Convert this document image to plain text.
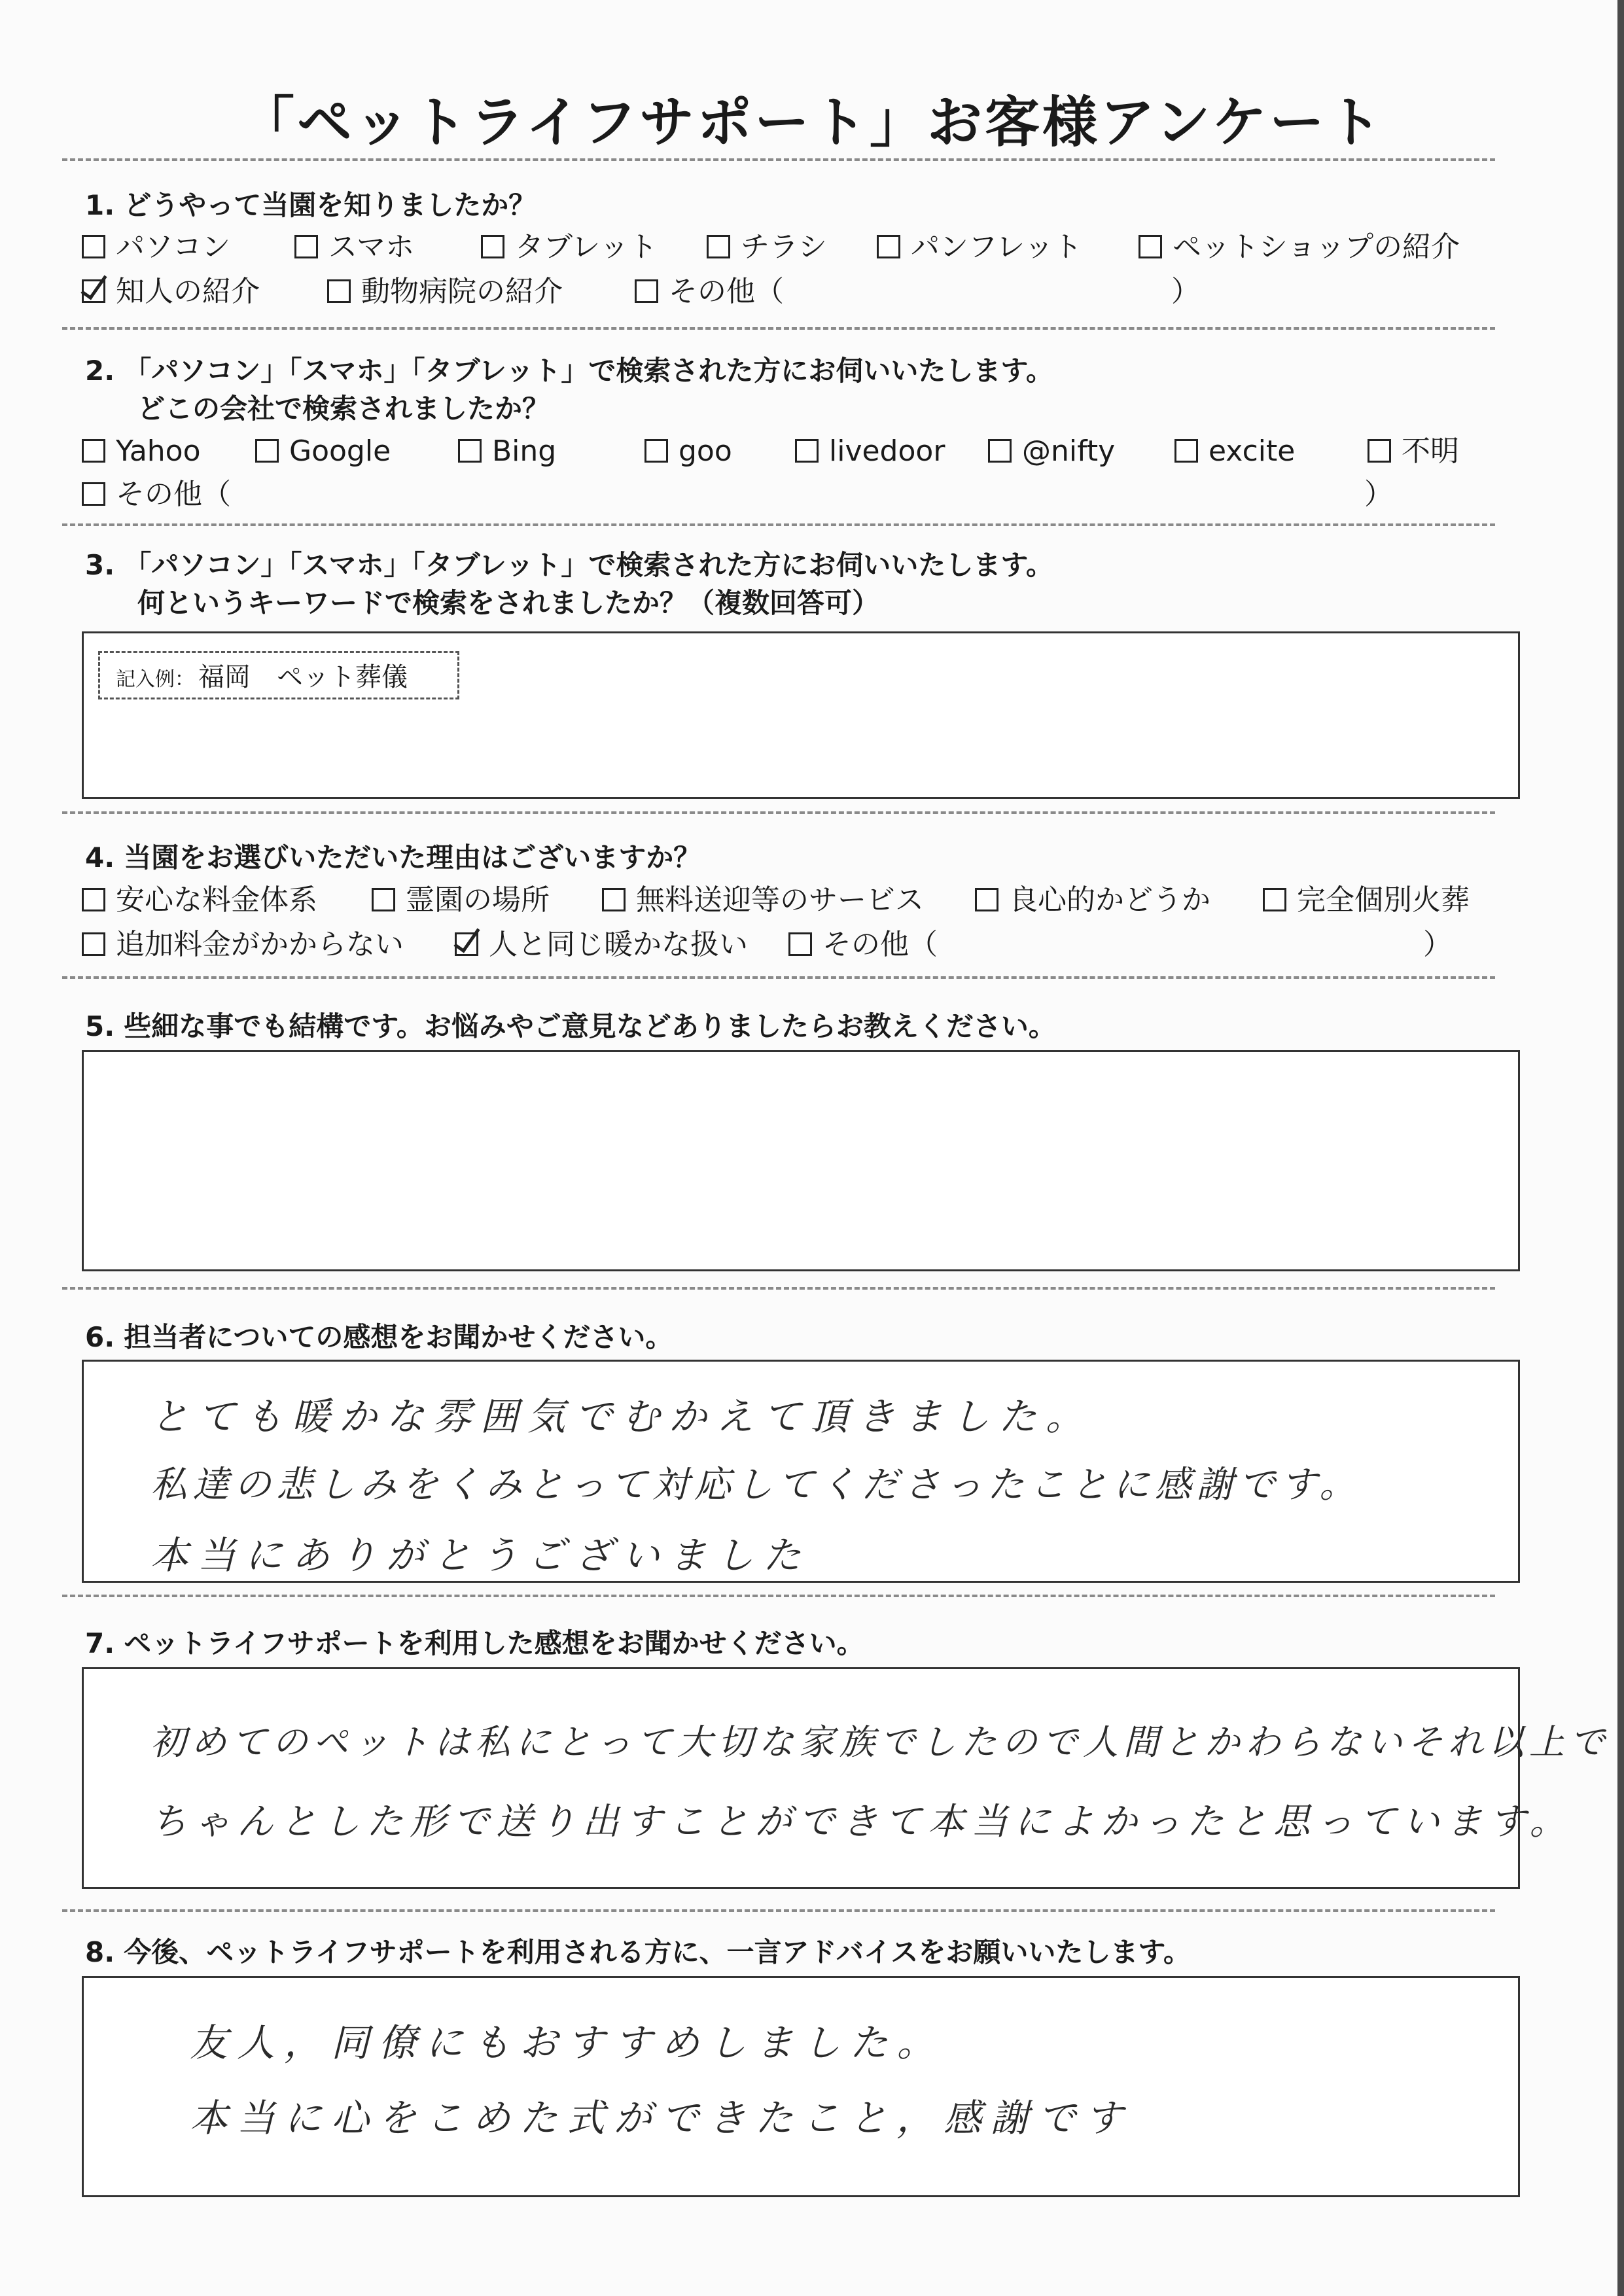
「ペットライフサポート」お客様アンケート
1. どうやって当園を知りましたか？
パソコン	スマホ	タブレット	チラシ	パンフレット	ペットショップの紹介
知人の紹介	動物病院の紹介	その他（	）
2. 「パソコン」「スマホ」「タブレット」で検索された方にお伺いいたします。
どこの会社で検索されましたか？
Yahoo	Google	Bing	goo	livedoor	@nifty	excite	不明
その他（	）
3. 「パソコン」「スマホ」「タブレット」で検索された方にお伺いいたします。
何というキーワードで検索をされましたか？（複数回答可）
記入例： 福岡　ペット葬儀
4. 当園をお選びいただいた理由はございますか？
安心な料金体系	霊園の場所	無料送迎等のサービス	良心的かどうか	完全個別火葬
追加料金がかからない	人と同じ暖かな扱い	その他（	）
5. 些細な事でも結構です。お悩みやご意見などありましたらお教えください。
6. 担当者についての感想をお聞かせください。
とても暖かな雰囲気でむかえて頂きました。
私達の悲しみをくみとって対応してくださったことに感謝です。
本当にありがとうございました
7. ペットライフサポートを利用した感想をお聞かせください。
初めてのペットは私にとって大切な家族でしたので人間とかわらないそれ以上で
ちゃんとした形で送り出すことができて本当によかったと思っています。
8. 今後、ペットライフサポートを利用される方に、一言アドバイスをお願いいたします。
友人，同僚にもおすすめしました。
本当に心をこめた式ができたこと，感謝です
